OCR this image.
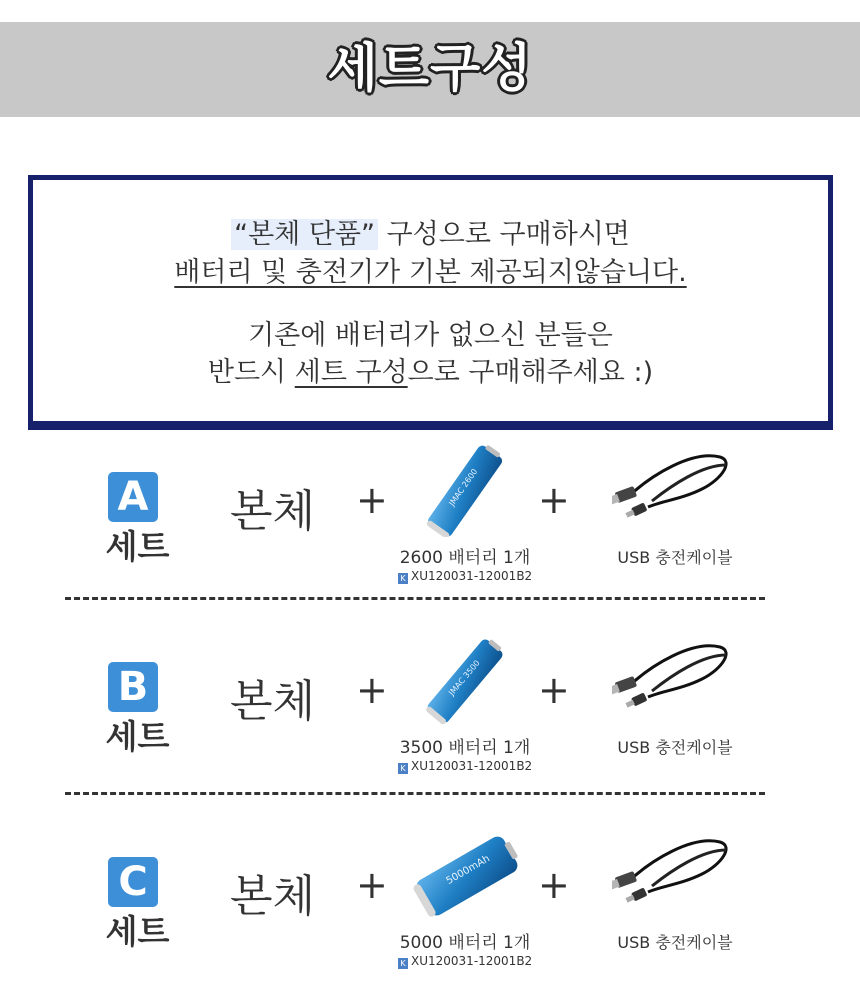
세트구성
“본체 단품” 구성으로 구매하시면
배터리 및 충전기가 기본 제공되지않습니다.
기존에 배터리가 없으신 분들은
반드시 세트 구성으로 구매해주세요 :)
A
세트
본체 +	JMAC 2600 +
2600 배터리 1개
K XU120031-12001B2
USB 충전케이블
B
세트
본체 +	JMAC 3500 +
3500 배터리 1개
K XU120031-12001B2
USB 충전케이블
C
세트
본체 +	5000mAh +
5000 배터리 1개
K XU120031-12001B2
USB 충전케이블
